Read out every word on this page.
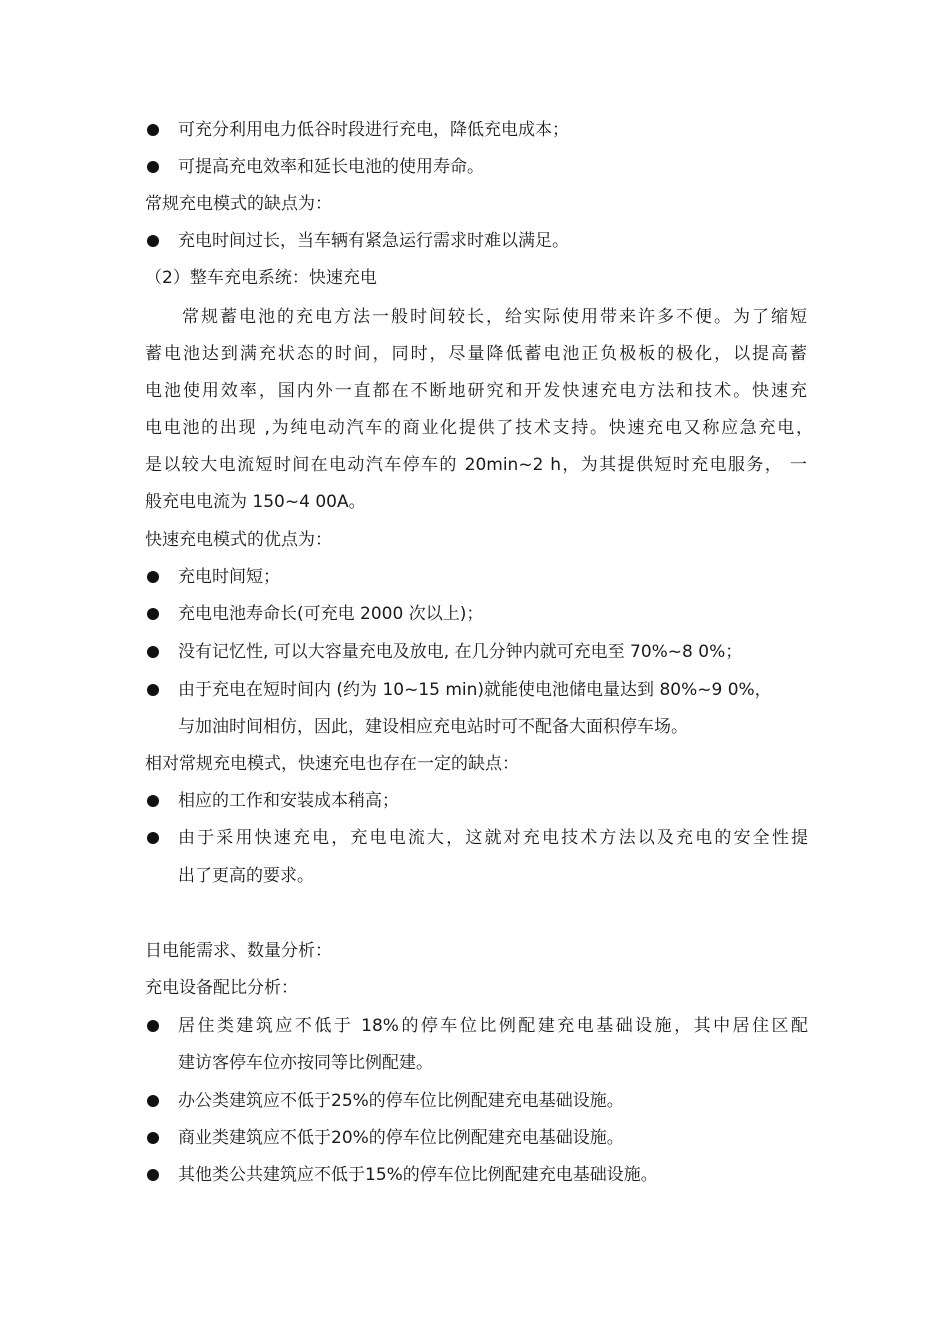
可充分利用电力低谷时段进行充电，降低充电成本；
可提高充电效率和延长电池的使用寿命。
常规充电模式的缺点为：
充电时间过长，当车辆有紧急运行需求时难以满足。
（2）整车充电系统：快速充电
常规蓄电池的充电方法一般时间较长，给实际使用带来许多不便。为了缩短
蓄电池达到满充状态的时间，同时，尽量降低蓄电池正负极板的极化，以提高蓄
电池使用效率，国内外一直都在不断地研究和开发快速充电方法和技术。快速充
电电池的出现 ,为纯电动汽车的商业化提供了技术支持。快速充电又称应急充电，
是以较大电流短时间在电动汽车停车的 20min~2 h，为其提供短时充电服务， 一
般充电电流为 150~4 00A。
快速充电模式的优点为：
充电时间短；
充电电池寿命长(可充电 2000 次以上)；
没有记忆性, 可以大容量充电及放电, 在几分钟内就可充电至 70%~8 0%；
由于充电在短时间内 (约为 10~15 min)就能使电池储电量达到 80%~9 0%，
与加油时间相仿，因此，建设相应充电站时可不配备大面积停车场。
相对常规充电模式，快速充电也存在一定的缺点：
相应的工作和安装成本稍高；
由于采用快速充电，充电电流大，这就对充电技术方法以及充电的安全性提
出了更高的要求。
日电能需求、数量分析：
充电设备配比分析：
居住类建筑应不低于 18%的停车位比例配建充电基础设施，其中居住区配
建访客停车位亦按同等比例配建。
办公类建筑应不低于25%的停车位比例配建充电基础设施。
商业类建筑应不低于20%的停车位比例配建充电基础设施。
其他类公共建筑应不低于15%的停车位比例配建充电基础设施。
